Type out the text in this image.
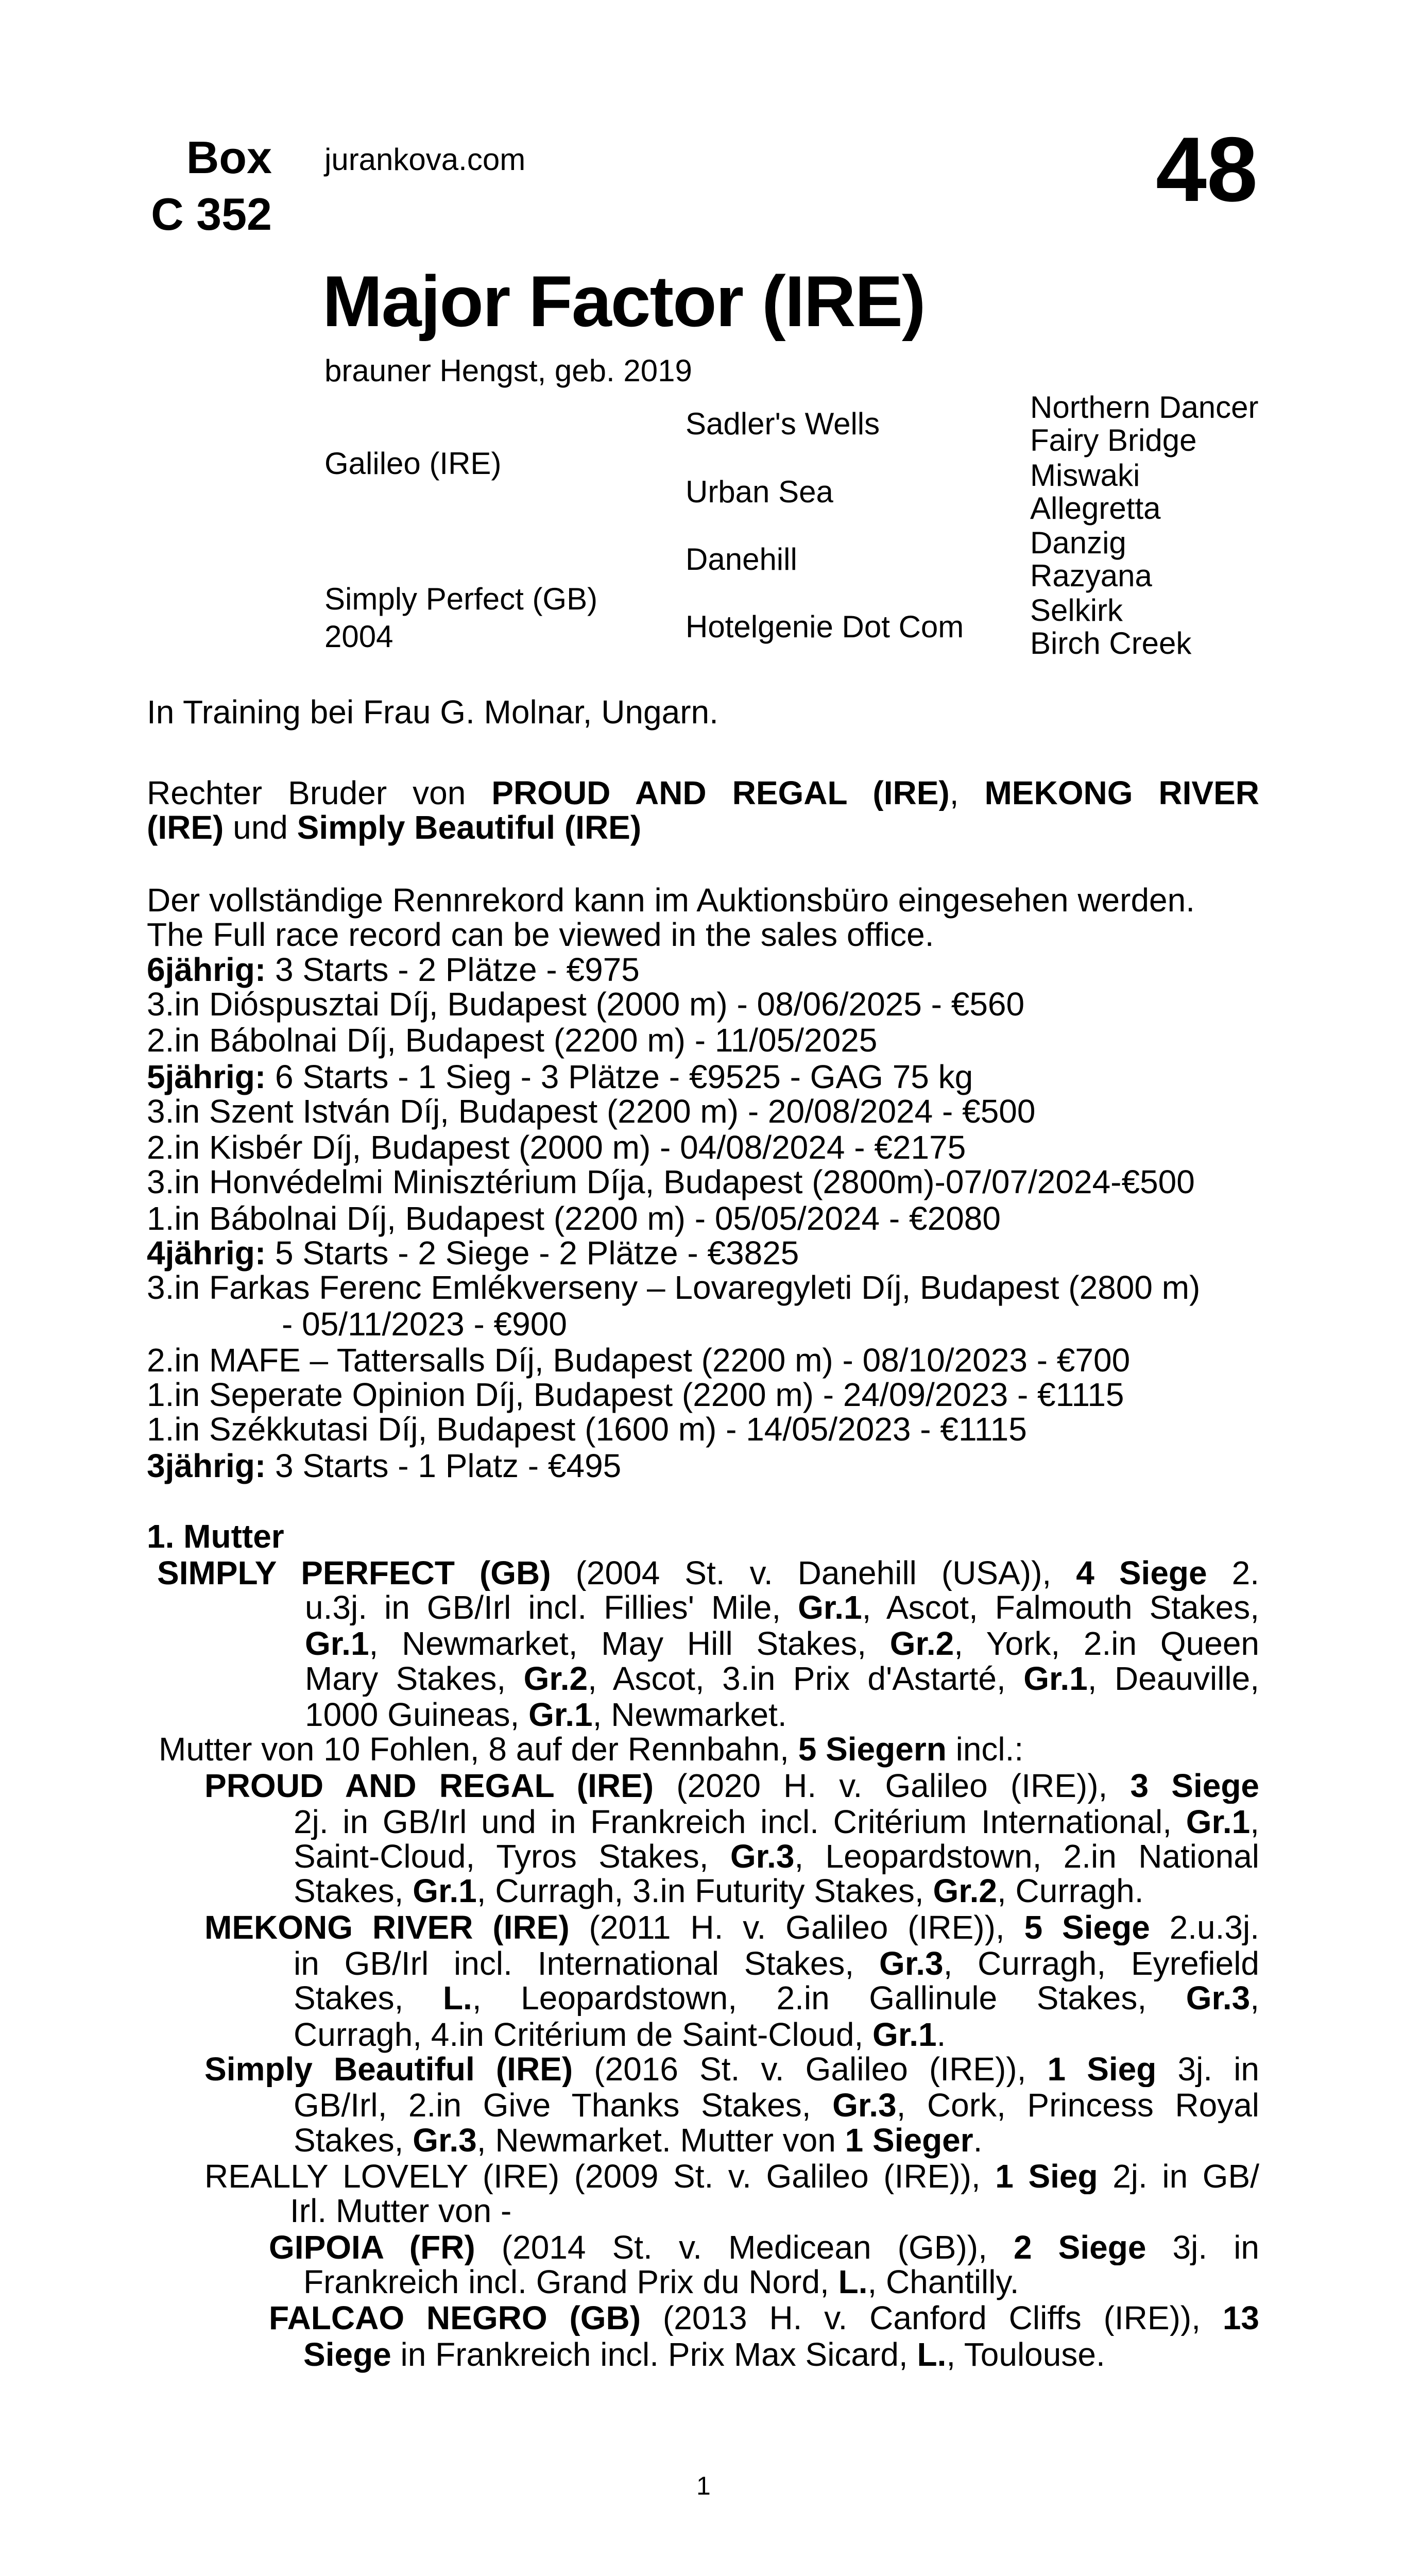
Box
C 352
jurankova.com	48
Major Factor (IRE)
brauner Hengst, geb. 2019
Galileo (IRE)
Simply Perfect (GB)
2004
Sadler's Wells
Urban Sea
Danehill
Hotelgenie Dot Com
Northern Dancer
Fairy Bridge
Miswaki
Allegretta
Danzig
Razyana
Selkirk
Birch Creek
In Training bei Frau G. Molnar, Ungarn.
Rechter Bruder von PROUD AND REGAL (IRE), MEKONG RIVER
(IRE) und Simply Beautiful (IRE)
Der vollständige Rennrekord kann im Auktionsbüro eingesehen werden.
The Full race record can be viewed in the sales office.
6jährig: 3 Starts - 2 Plätze - €975
3.in Dióspusztai Díj, Budapest (2000 m) - 08/06/2025 - €560
2.in Bábolnai Díj, Budapest (2200 m) - 11/05/2025
5jährig: 6 Starts - 1 Sieg - 3 Plätze - €9525 - GAG 75 kg
3.in Szent István Díj, Budapest (2200 m) - 20/08/2024 - €500
2.in Kisbér Díj, Budapest (2000 m) - 04/08/2024 - €2175
3.in Honvédelmi Minisztérium Díja, Budapest (2800m)-07/07/2024-€500
1.in Bábolnai Díj, Budapest (2200 m) - 05/05/2024 - €2080
4jährig: 5 Starts - 2 Siege - 2 Plätze - €3825
3.in Farkas Ferenc Emlékverseny – Lovaregyleti Díj, Budapest (2800 m)
- 05/11/2023 - €900
2.in MAFE – Tattersalls Díj, Budapest (2200 m) - 08/10/2023 - €700
1.in Seperate Opinion Díj, Budapest (2200 m) - 24/09/2023 - €1115
1.in Székkutasi Díj, Budapest (1600 m) - 14/05/2023 - €1115
3jährig: 3 Starts - 1 Platz - €495
1. Mutter
SIMPLY PERFECT (GB) (2004 St. v. Danehill (USA)), 4 Siege 2.
u.3j. in GB/Irl incl. Fillies' Mile, Gr.1, Ascot, Falmouth Stakes,
Gr.1, Newmarket, May Hill Stakes, Gr.2, York, 2.in Queen
Mary Stakes, Gr.2, Ascot, 3.in Prix d'Astarté, Gr.1, Deauville,
1000 Guineas, Gr.1, Newmarket.
Mutter von 10 Fohlen, 8 auf der Rennbahn, 5 Siegern incl.:
PROUD AND REGAL (IRE) (2020 H. v. Galileo (IRE)), 3 Siege
2j. in GB/Irl und in Frankreich incl. Critérium International, Gr.1,
Saint-Cloud, Tyros Stakes, Gr.3, Leopardstown, 2.in National
Stakes, Gr.1, Curragh, 3.in Futurity Stakes, Gr.2, Curragh.
MEKONG RIVER (IRE) (2011 H. v. Galileo (IRE)), 5 Siege 2.u.3j.
in GB/Irl incl. International Stakes, Gr.3, Curragh, Eyrefield
Stakes, L., Leopardstown, 2.in Gallinule Stakes, Gr.3,
Curragh, 4.in Critérium de Saint-Cloud, Gr.1.
Simply Beautiful (IRE) (2016 St. v. Galileo (IRE)), 1 Sieg 3j. in
GB/Irl, 2.in Give Thanks Stakes, Gr.3, Cork, Princess Royal
Stakes, Gr.3, Newmarket. Mutter von 1 Sieger.
REALLY LOVELY (IRE) (2009 St. v. Galileo (IRE)), 1 Sieg 2j. in GB/
Irl. Mutter von -
GIPOIA (FR) (2014 St. v. Medicean (GB)), 2 Siege 3j. in
Frankreich incl. Grand Prix du Nord, L., Chantilly.
FALCAO NEGRO (GB) (2013 H. v. Canford Cliffs (IRE)), 13
Siege in Frankreich incl. Prix Max Sicard, L., Toulouse.
1
